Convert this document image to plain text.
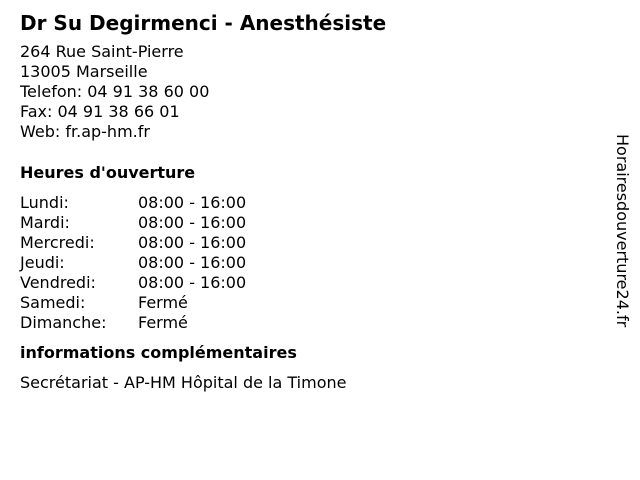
Dr Su Degirmenci - Anesthésiste
264 Rue Saint-Pierre
13005 Marseille
Telefon: 04 91 38 60 00
Fax: 04 91 38 66 01
Web: fr.ap-hm.fr
Heures d'ouverture
Lundi:	08:00 - 16:00
Mardi:	08:00 - 16:00
Mercredi:	08:00 - 16:00
Jeudi:	08:00 - 16:00
Vendredi:	08:00 - 16:00
Samedi:	Fermé
Dimanche:	Fermé
informations complémentaires
Secrétariat - AP-HM Hôpital de la Timone
Horairesdouverture24.fr
